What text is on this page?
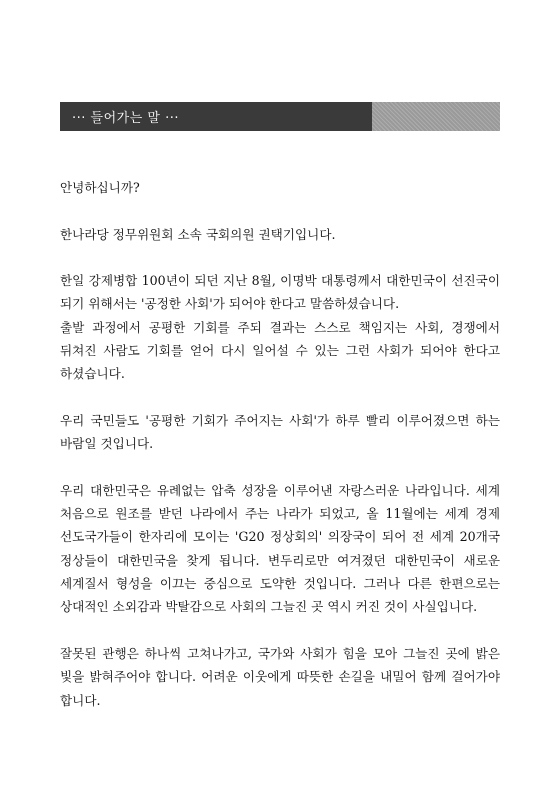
··· 들어가는 말 ···

안녕하십니까?

한나라당 정무위원회 소속 국회의원 권택기입니다.

한일 강제병합 100년이 되던 지난 8월, 이명박 대통령께서 대한민국이 선진국이 되기 위해서는 '공정한 사회'가 되어야 한다고 말씀하셨습니다.

출발 과정에서 공평한 기회를 주되 결과는 스스로 책임지는 사회, 경쟁에서 뒤쳐진 사람도 기회를 얻어 다시 일어설 수 있는 그런 사회가 되어야 한다고 하셨습니다.

우리 국민들도 '공평한 기회가 주어지는 사회'가 하루 빨리 이루어졌으면 하는 바람일 것입니다.

우리 대한민국은 유례없는 압축 성장을 이루어낸 자랑스러운 나라입니다. 세계 처음으로 원조를 받던 나라에서 주는 나라가 되었고, 올 11월에는 세계 경제 선도국가들이 한자리에 모이는 'G20 정상회의' 의장국이 되어 전 세계 20개국 정상들이 대한민국을 찾게 됩니다. 변두리로만 여겨졌던 대한민국이 새로운 세계질서 형성을 이끄는 중심으로 도약한 것입니다. 그러나 다른 한편으로는 상대적인 소외감과 박탈감으로 사회의 그늘진 곳 역시 커진 것이 사실입니다.

잘못된 관행은 하나씩 고쳐나가고, 국가와 사회가 힘을 모아 그늘진 곳에 밝은 빛을 밝혀주어야 합니다. 어려운 이웃에게 따뜻한 손길을 내밀어 함께 걸어가야 합니다.
